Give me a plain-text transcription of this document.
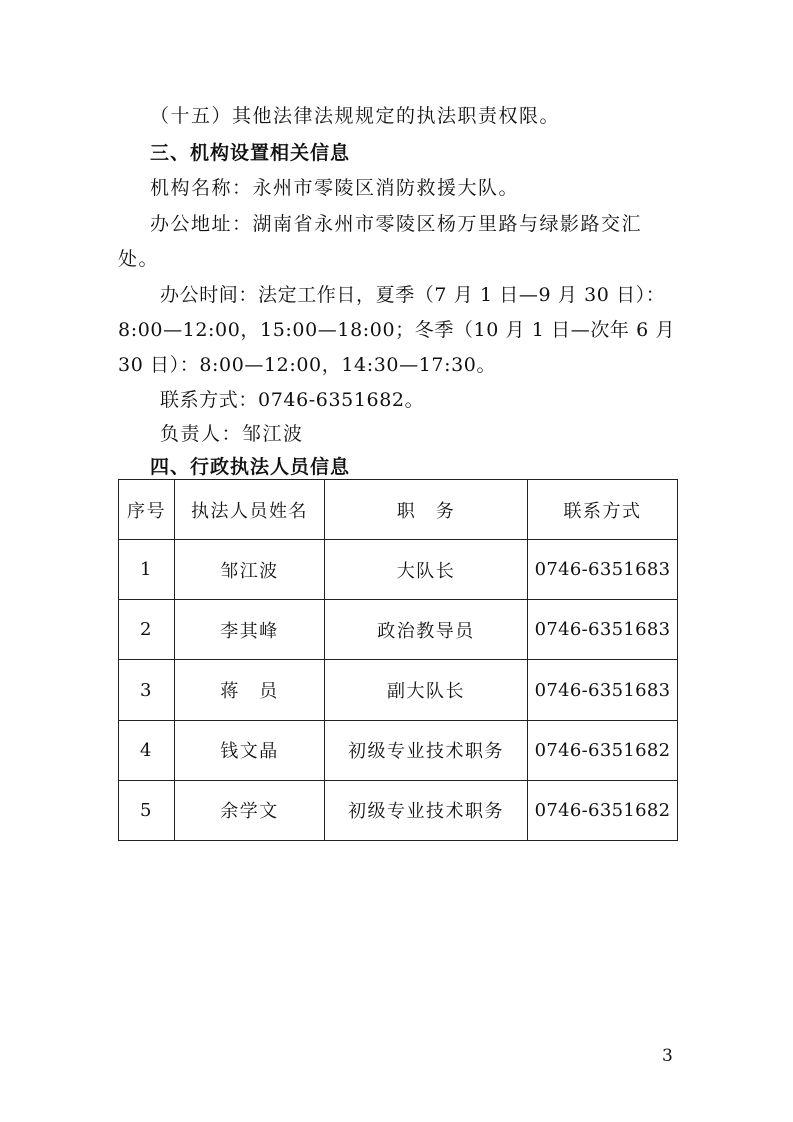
（十五）其他法律法规规定的执法职责权限。
三、机构设置相关信息
机构名称：永州市零陵区消防救援大队。
办公地址：湖南省永州市零陵区杨万里路与绿影路交汇
处。
办公时间：法定工作日，夏季（7 月 1 日—9 月 30 日）：
8:00—12:00，15:00—18:00；冬季（10 月 1 日—次年 6 月
30 日）：8:00—12:00，14:30—17:30。
联系方式：0746-6351682。
负责人：邹江波
四、行政执法人员信息
序号	执法人员姓名	职　务	联系方式
1	邹江波	大队长	0746-6351683
2	李其峰	政治教导员	0746-6351683
3	蒋　员	副大队长	0746-6351683
4	钱文晶	初级专业技术职务	0746-6351682
5	余学文	初级专业技术职务	0746-6351682
3
